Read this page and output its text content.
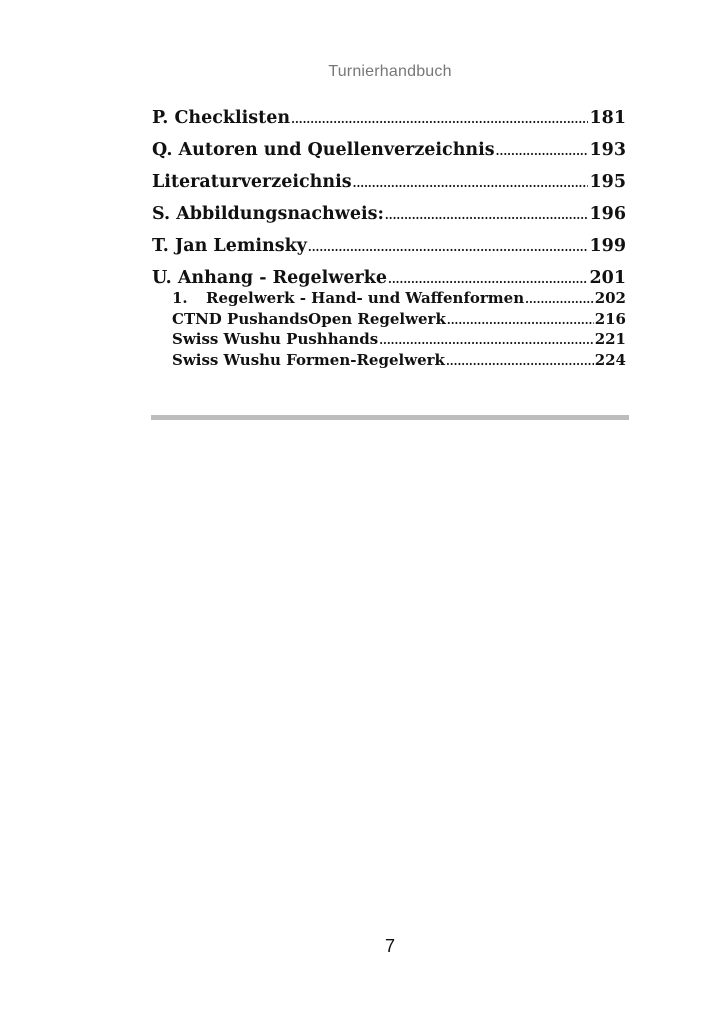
Turnierhandbuch
P. Checklisten .....	181
Q. Autoren und Quellenverzeichnis .....	193
Literaturverzeichnis .....	195
S. Abbildungsnachweis: .....	196
T. Jan Leminsky .....	199
U. Anhang - Regelwerke .....	201
1. Regelwerk - Hand- und Waffenformen .....	202
CTND PushandsOpen Regelwerk .....	216
Swiss Wushu Pushhands .....	221
Swiss Wushu Formen-Regelwerk .....	224
7
